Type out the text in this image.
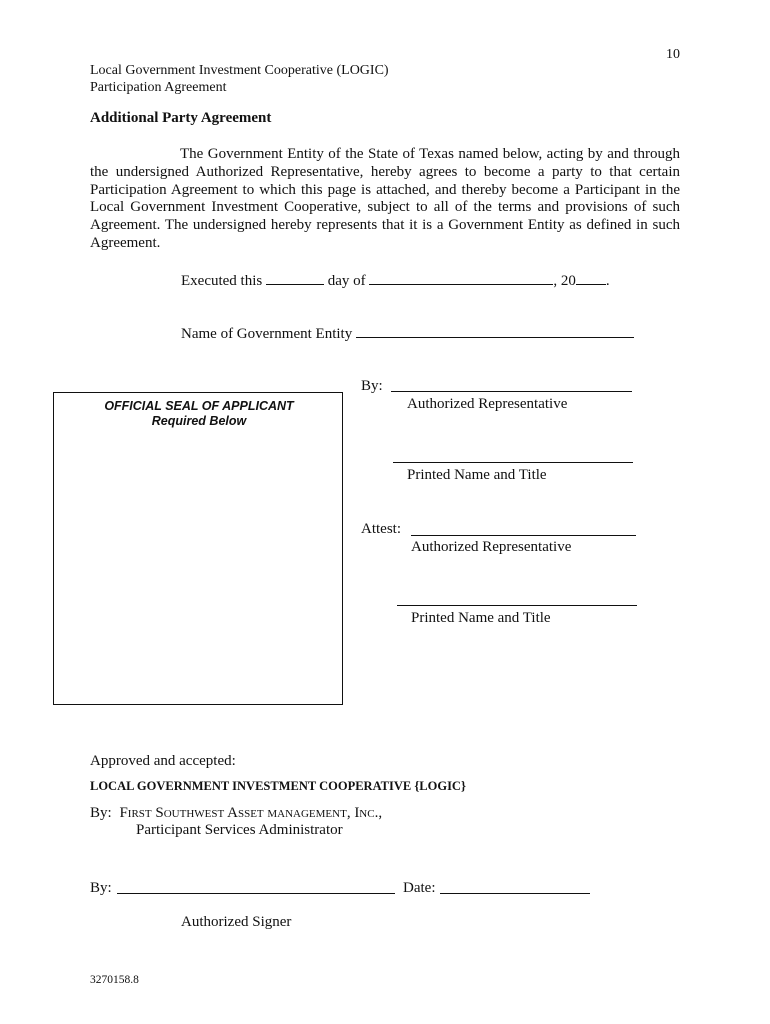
10
Local Government Investment Cooperative (LOGIC)
Participation Agreement
Additional Party Agreement
The Government Entity of the State of Texas named below, acting by and through the undersigned Authorized Representative, hereby agrees to become a party to that certain Participation Agreement to which this page is attached, and thereby become a Participant in the Local Government Investment Cooperative, subject to all of the terms and provisions of such Agreement. The undersigned hereby represents that it is a Government Entity as defined in such Agreement.
Executed this	day of	, 20 .
Name of Government Entity
OFFICIAL SEAL OF APPLICANT
Required Below
By:
Authorized Representative
Printed Name and Title
Attest:
Authorized Representative
Printed Name and Title
Approved and accepted:
LOCAL GOVERNMENT INVESTMENT COOPERATIVE {LOGIC}
By: First Southwest Asset management, Inc.,
Participant Services Administrator
By:	Date:
Authorized Signer
3270158.8
